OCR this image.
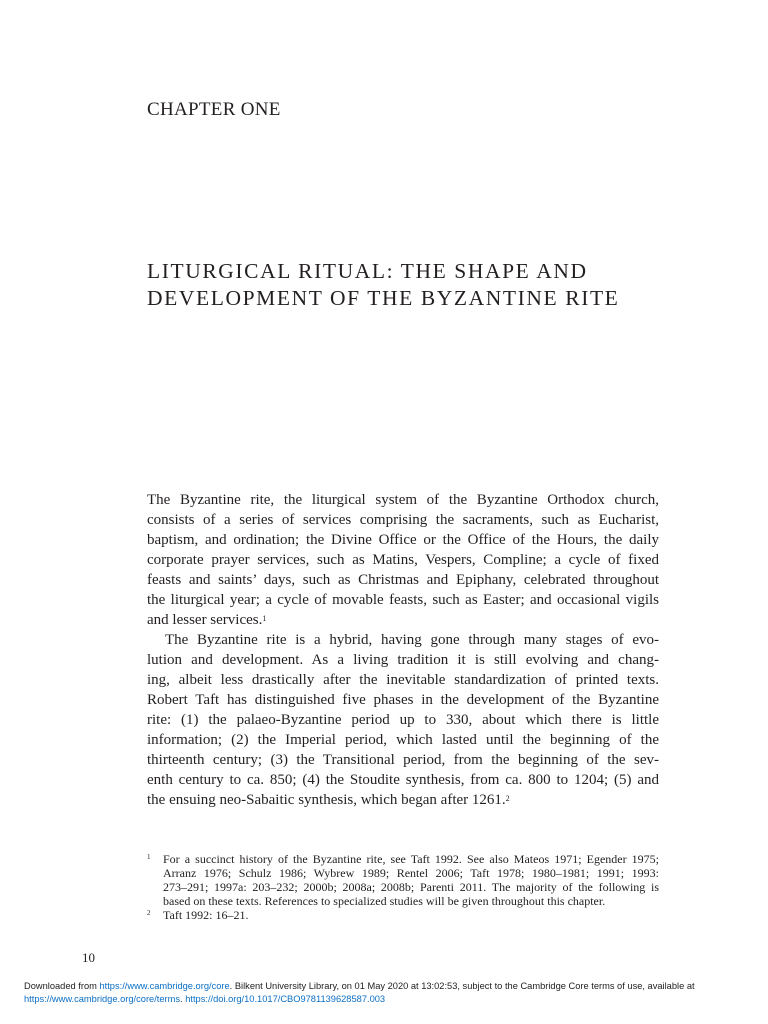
CHAPTER ONE
LITURGICAL RITUAL: THE SHAPE AND
DEVELOPMENT OF THE BYZANTINE RITE

The Byzantine rite, the liturgical system of the Byzantine Orthodox church,
consists of a series of services comprising the sacraments, such as Eucharist,
baptism, and ordination; the Divine Office or the Office of the Hours, the daily
corporate prayer services, such as Matins, Vespers, Compline; a cycle of fixed
feasts and saints’ days, such as Christmas and Epiphany, celebrated throughout
the liturgical year; a cycle of movable feasts, such as Easter; and occasional vigils
and lesser services.$^1$

The Byzantine rite is a hybrid, having gone through many stages of evo-
lution and development. As a living tradition it is still evolving and chang-
ing, albeit less drastically after the inevitable standardization of printed texts.
Robert Taft has distinguished five phases in the development of the Byzantine
rite: (1) the palaeo-Byzantine period up to 330, about which there is little
information; (2) the Imperial period, which lasted until the beginning of the
thirteenth century; (3) the Transitional period, from the beginning of the sev-
enth century to ca. 850; (4) the Stoudite synthesis, from ca. 800 to 1204; (5) and
the ensuing neo-Sabaitic synthesis, which began after 1261.$^2$

1 For a succinct history of the Byzantine rite, see Taft 1992. See also Mateos 1971; Egender 1975;
Arranz 1976; Schulz 1986; Wybrew 1989; Rentel 2006; Taft 1978; 1980–1981; 1991; 1993:
273–291; 1997a: 203–232; 2000b; 2008a; 2008b; Parenti 2011. The majority of the following is
based on these texts. References to specialized studies will be given throughout this chapter.
2 Taft 1992: 16–21.
10
Downloaded from https://www.cambridge.org/core. Bilkent University Library, on 01 May 2020 at 13:02:53, subject to the Cambridge Core terms of use, available at
https://www.cambridge.org/core/terms. https://doi.org/10.1017/CBO9781139628587.003
